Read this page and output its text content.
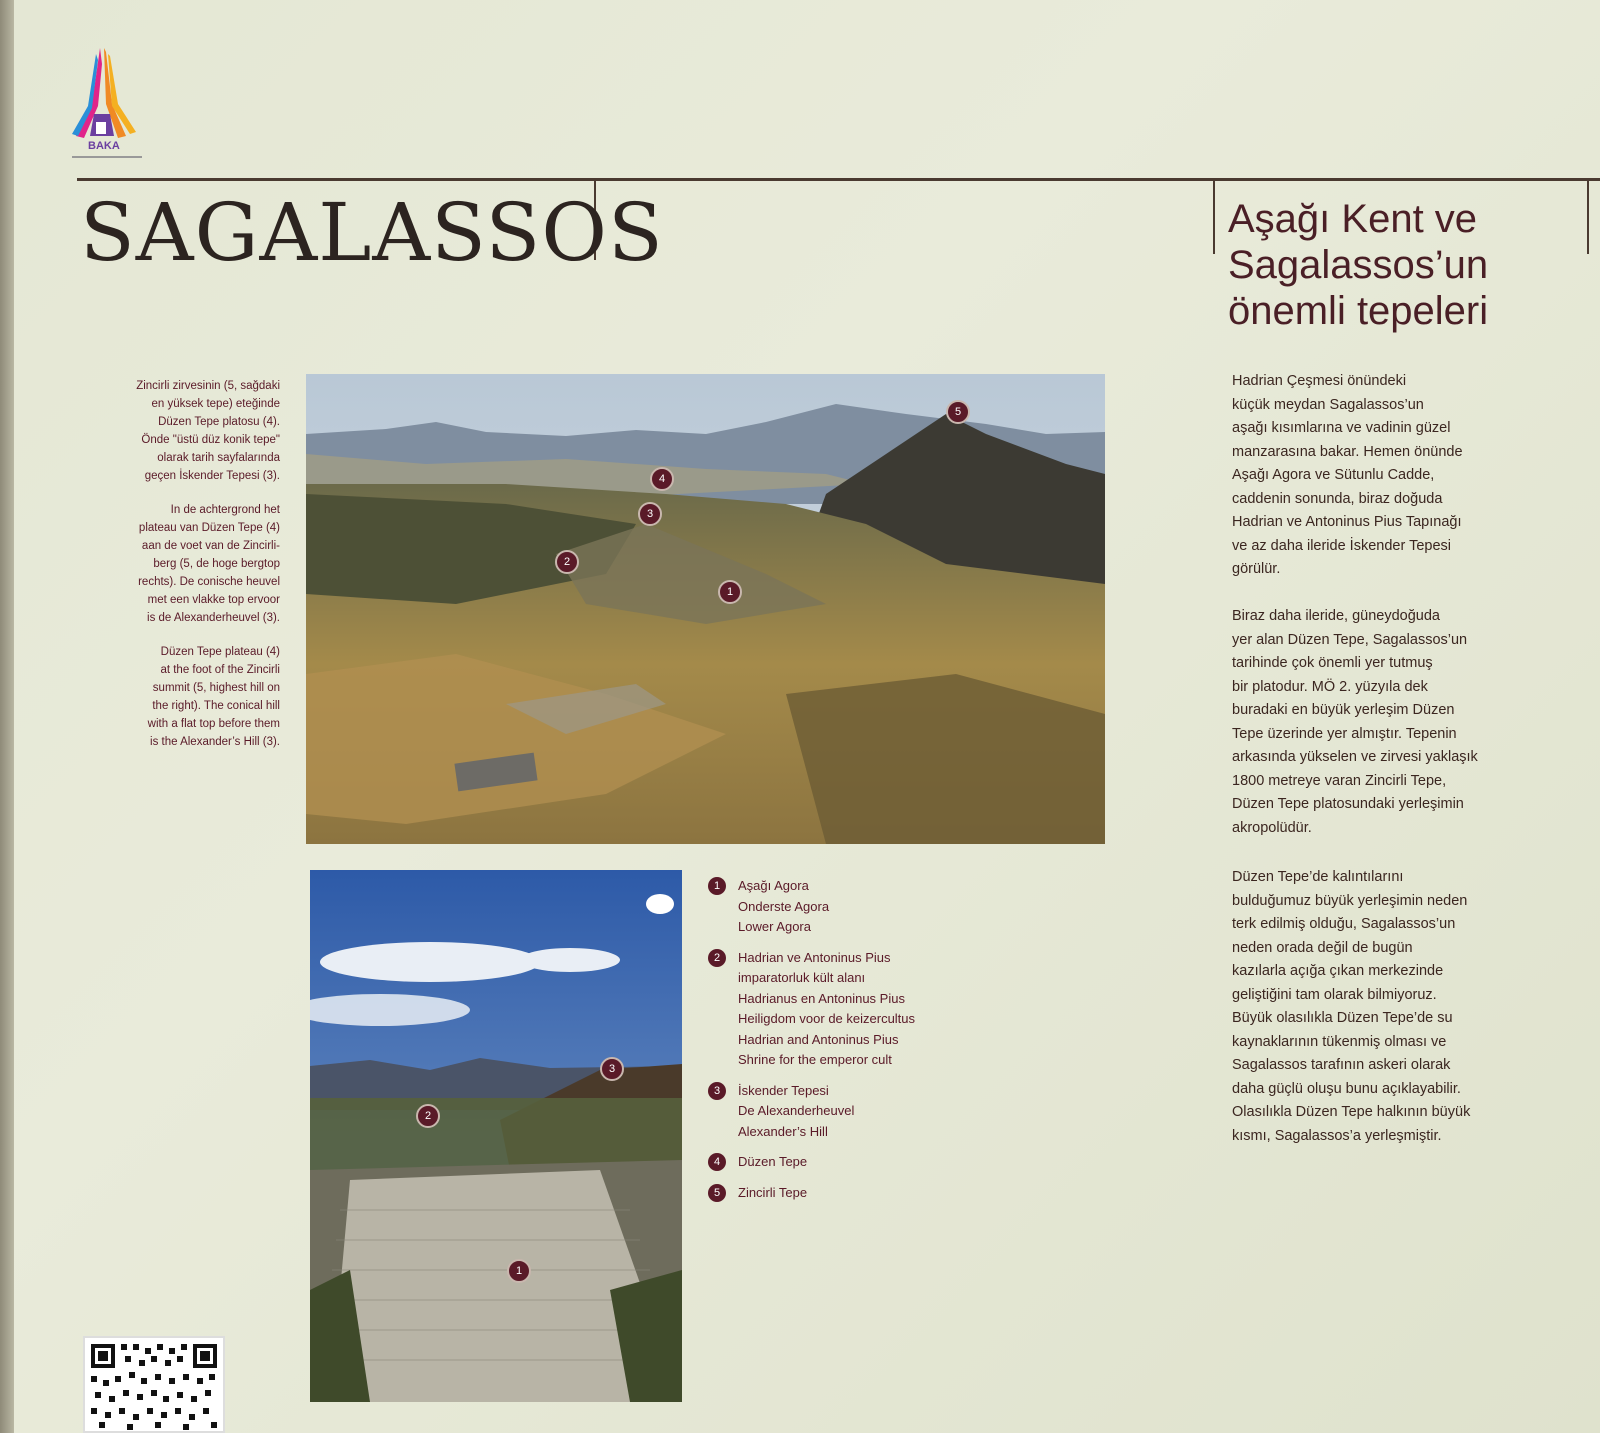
BAKA
SAGALASSOS	Aşağı Kent ve
Sagalassos’un
önemli tepeleri
Zincirli zirvesinin (5, sağdaki
en yüksek tepe) eteğinde
Düzen Tepe platosu (4).
Önde "üstü düz konik tepe"
olarak tarih sayfalarında
geçen İskender Tepesi (3).
In de achtergrond het
plateau van Düzen Tepe (4)
aan de voet van de Zincirli-
berg (5, de hoge bergtop
rechts). De conische heuvel
met een vlakke top ervoor
is de Alexanderheuvel (3).
Düzen Tepe plateau (4)
at the foot of the Zincirli
summit (5, highest hill on
the right). The conical hill
with a flat top before them
is the Alexander’s Hill (3).
5
4
3
2
1
3
2
1
1	Aşağı Agora
Onderste Agora
Lower Agora
2	Hadrian ve Antoninus Pius
imparatorluk kült alanı
Hadrianus en Antoninus Pius
Heiligdom voor de keizercultus
Hadrian and Antoninus Pius
Shrine for the emperor cult
3	İskender Tepesi
De Alexanderheuvel
Alexander’s Hill
4	Düzen Tepe
5	Zincirli Tepe
Hadrian Çeşmesi önündeki
küçük meydan Sagalassos’un
aşağı kısımlarına ve vadinin güzel
manzarasına bakar. Hemen önünde
Aşağı Agora ve Sütunlu Cadde,
caddenin sonunda, biraz doğuda
Hadrian ve Antoninus Pius Tapınağı
ve az daha ileride İskender Tepesi
görülür.
Biraz daha ileride, güneydoğuda
yer alan Düzen Tepe, Sagalassos’un
tarihinde çok önemli yer tutmuş
bir platodur. MÖ 2. yüzyıla dek
buradaki en büyük yerleşim Düzen
Tepe üzerinde yer almıştır. Tepenin
arkasında yükselen ve zirvesi yaklaşık
1800 metreye varan Zincirli Tepe,
Düzen Tepe platosundaki yerleşimin
akropolüdür.
Düzen Tepe’de kalıntılarını
bulduğumuz büyük yerleşimin neden
terk edilmiş olduğu, Sagalassos’un
neden orada değil de bugün
kazılarla açığa çıkan merkezinde
geliştiğini tam olarak bilmiyoruz.
Büyük olasılıkla Düzen Tepe’de su
kaynaklarının tükenmiş olması ve
Sagalassos tarafının askeri olarak
daha güçlü oluşu bunu açıklayabilir.
Olasılıkla Düzen Tepe halkının büyük
kısmı, Sagalassos’a yerleşmiştir.
